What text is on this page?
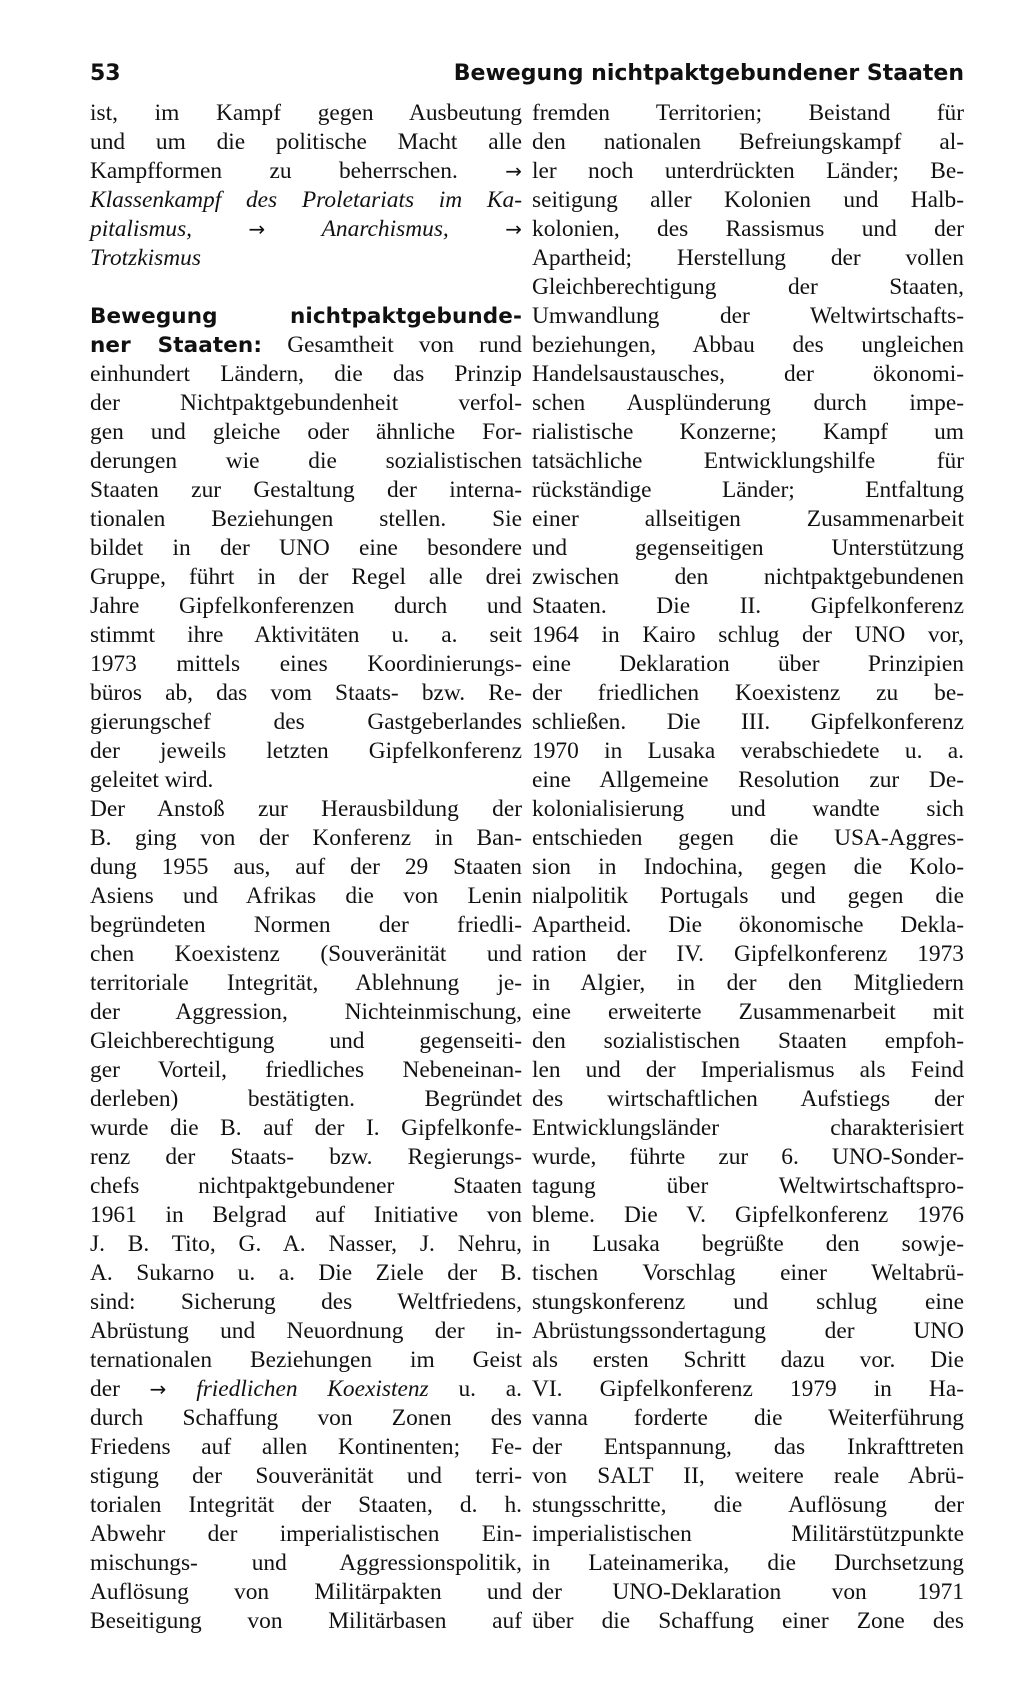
53	Bewegung nichtpaktgebundener Staaten
ist, im Kampf gegen Ausbeutung
und um die politische Macht alle
Kampfformen zu beherrschen. →
Klassenkampf des Proletariats im Ka-
pitalismus,	→ Anarchismus,	→
Trotzkismus
Bewegung nichtpaktgebunde-
ner Staaten: Gesamtheit von rund
einhundert Ländern, die das Prinzip
der Nichtpaktgebundenheit verfol-
gen und gleiche oder ähnliche For-
derungen wie die sozialistischen
Staaten zur Gestaltung der interna-
tionalen Beziehungen stellen. Sie
bildet in der UNO eine besondere
Gruppe, führt in der Regel alle drei
Jahre Gipfelkonferenzen durch und
stimmt ihre Aktivitäten u. a. seit
1973 mittels eines Koordinierungs-
büros ab, das vom Staats- bzw. Re-
gierungschef des Gastgeberlandes
der jeweils letzten Gipfelkonferenz
geleitet wird.
Der Anstoß zur Herausbildung der
B. ging von der Konferenz in Ban-
dung 1955 aus, auf der 29 Staaten
Asiens und Afrikas die von Lenin
begründeten Normen der friedli-
chen Koexistenz (Souveränität und
territoriale Integrität, Ablehnung je-
der Aggression, Nichteinmischung,
Gleichberechtigung und gegenseiti-
ger Vorteil, friedliches Nebeneinan-
derleben) bestätigten. Begründet
wurde die B. auf der I. Gipfelkonfe-
renz der Staats- bzw. Regierungs-
chefs nichtpaktgebundener Staaten
1961 in Belgrad auf Initiative von
J. B. Tito, G. A. Nasser, J. Nehru,
A. Sukarno u. a. Die Ziele der B.
sind: Sicherung des Weltfriedens,
Abrüstung und Neuordnung der in-
ternationalen Beziehungen im Geist
der → friedlichen Koexistenz u. a.
durch Schaffung von Zonen des
Friedens auf allen Kontinenten; Fe-
stigung der Souveränität und terri-
torialen Integrität der Staaten, d. h.
Abwehr der imperialistischen Ein-
mischungs- und Aggressionspolitik,
Auflösung von Militärpakten und
Beseitigung von Militärbasen auf
fremden Territorien; Beistand für
den nationalen Befreiungskampf al-
ler noch unterdrückten Länder; Be-
seitigung aller Kolonien und Halb-
kolonien, des Rassismus und der
Apartheid; Herstellung der vollen
Gleichberechtigung der Staaten,
Umwandlung der Weltwirtschafts-
beziehungen, Abbau des ungleichen
Handelsaustausches, der ökonomi-
schen Ausplünderung durch impe-
rialistische Konzerne; Kampf um
tatsächliche Entwicklungshilfe für
rückständige Länder; Entfaltung
einer allseitigen Zusammenarbeit
und gegenseitigen Unterstützung
zwischen den nichtpaktgebundenen
Staaten. Die II. Gipfelkonferenz
1964 in Kairo schlug der UNO vor,
eine Deklaration über Prinzipien
der friedlichen Koexistenz zu be-
schließen. Die III. Gipfelkonferenz
1970 in Lusaka verabschiedete u. a.
eine Allgemeine Resolution zur De-
kolonialisierung und wandte sich
entschieden gegen die USA-Aggres-
sion in Indochina, gegen die Kolo-
nialpolitik Portugals und gegen die
Apartheid. Die ökonomische Dekla-
ration der IV. Gipfelkonferenz 1973
in Algier, in der den Mitgliedern
eine erweiterte Zusammenarbeit mit
den sozialistischen Staaten empfoh-
len und der Imperialismus als Feind
des wirtschaftlichen Aufstiegs der
Entwicklungsländer charakterisiert
wurde, führte zur 6. UNO-Sonder-
tagung über Weltwirtschaftspro-
bleme. Die V. Gipfelkonferenz 1976
in Lusaka begrüßte den sowje-
tischen Vorschlag einer Weltabrü-
stungskonferenz und schlug eine
Abrüstungssondertagung der UNO
als ersten Schritt dazu vor. Die
VI. Gipfelkonferenz 1979 in Ha-
vanna forderte die Weiterführung
der Entspannung, das Inkrafttreten
von SALT II, weitere reale Abrü-
stungsschritte, die Auflösung der
imperialistischen Militärstützpunkte
in Lateinamerika, die Durchsetzung
der UNO-Deklaration von 1971
über die Schaffung einer Zone des
